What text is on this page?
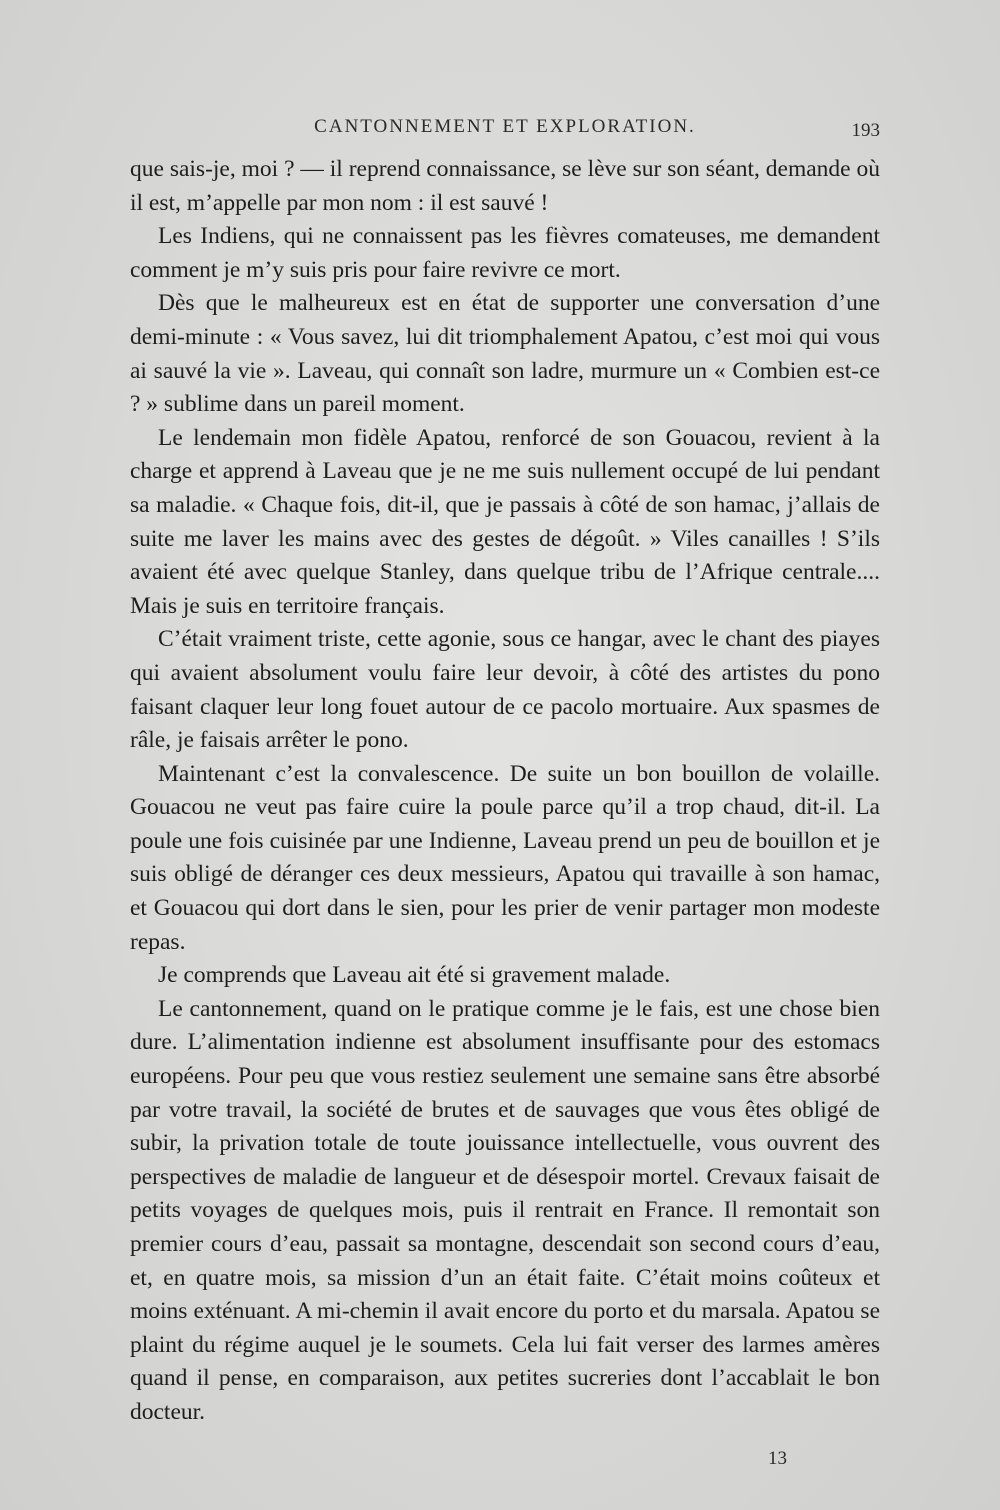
CANTONNEMENT ET EXPLORATION.	193

que sais-je, moi ? — il reprend connaissance, se lève sur son séant, demande où il est, m’appelle par mon nom : il est sauvé !

Les Indiens, qui ne connaissent pas les fièvres comateuses, me demandent comment je m’y suis pris pour faire revivre ce mort.

Dès que le malheureux est en état de supporter une conversation d’une demi-minute : « Vous savez, lui dit triomphalement Apatou, c’est moi qui vous ai sauvé la vie ». Laveau, qui connaît son ladre, murmure un « Combien est-ce ? » sublime dans un pareil moment.

Le lendemain mon fidèle Apatou, renforcé de son Gouacou, revient à la charge et apprend à Laveau que je ne me suis nullement occupé de lui pendant sa maladie. « Chaque fois, dit-il, que je passais à côté de son hamac, j’allais de suite me laver les mains avec des gestes de dégoût. » Viles canailles ! S’ils avaient été avec quelque Stanley, dans quelque tribu de l’Afrique centrale.... Mais je suis en territoire français.

C’était vraiment triste, cette agonie, sous ce hangar, avec le chant des piayes qui avaient absolument voulu faire leur devoir, à côté des artistes du pono faisant claquer leur long fouet autour de ce pacolo mortuaire. Aux spasmes de râle, je faisais arrêter le pono.

Maintenant c’est la convalescence. De suite un bon bouillon de volaille. Gouacou ne veut pas faire cuire la poule parce qu’il a trop chaud, dit-il. La poule une fois cuisinée par une Indienne, Laveau prend un peu de bouillon et je suis obligé de déranger ces deux messieurs, Apatou qui travaille à son hamac, et Gouacou qui dort dans le sien, pour les prier de venir partager mon modeste repas.

Je comprends que Laveau ait été si gravement malade.

Le cantonnement, quand on le pratique comme je le fais, est une chose bien dure. L’alimentation indienne est absolument insuffisante pour des estomacs européens. Pour peu que vous restiez seulement une semaine sans être absorbé par votre travail, la société de brutes et de sauvages que vous êtes obligé de subir, la privation totale de toute jouissance intellectuelle, vous ouvrent des perspectives de maladie de langueur et de désespoir mortel. Crevaux faisait de petits voyages de quelques mois, puis il rentrait en France. Il remontait son premier cours d’eau, passait sa montagne, descendait son second cours d’eau, et, en quatre mois, sa mission d’un an était faite. C’était moins coûteux et moins exténuant. A mi-chemin il avait encore du porto et du marsala. Apatou se plaint du régime auquel je le soumets. Cela lui fait verser des larmes amères quand il pense, en comparaison, aux petites sucreries dont l’accablait le bon docteur.

13
